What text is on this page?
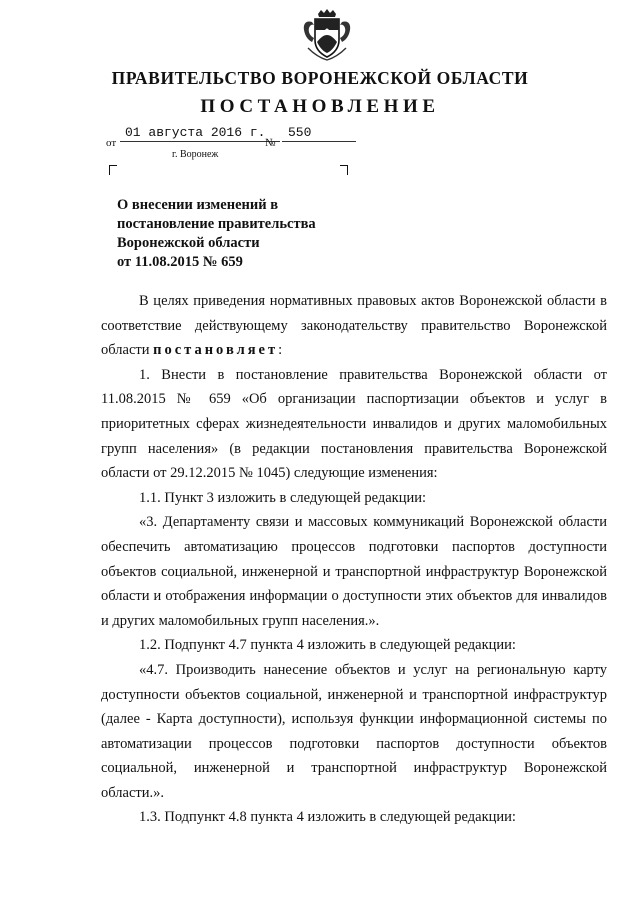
ПРАВИТЕЛЬСТВО ВОРОНЕЖСКОЙ ОБЛАСТИ
ПОСТАНОВЛЕНИЕ
от
01 августа 2016 г.
№
550
г. Воронеж
О внесении изменений в
постановление правительства
Воронежской области
от 11.08.2015 № 659

В целях приведения нормативных правовых актов Воронежской области в соответствие действующему законодательству правительство Воронежской области постановляет:

1. Внести в постановление правительства Воронежской области от 11.08.2015 № 659 «Об организации паспортизации объектов и услуг в приоритетных сферах жизнедеятельности инвалидов и других маломобильных групп населения» (в редакции постановления правительства Воронежской области от 29.12.2015 № 1045) следующие изменения:

1.1. Пункт 3 изложить в следующей редакции:

«3. Департаменту связи и массовых коммуникаций Воронежской области обеспечить автоматизацию процессов подготовки паспортов доступности объектов социальной, инженерной и транспортной инфраструктур Воронежской области и отображения информации о доступности этих объектов для инвалидов и других маломобильных групп населения.».

1.2. Подпункт 4.7 пункта 4 изложить в следующей редакции:

«4.7. Производить нанесение объектов и услуг на региональную карту доступности объектов социальной, инженерной и транспортной инфраструктур (далее - Карта доступности), используя функции информационной системы по автоматизации процессов подготовки паспортов доступности объектов социальной, инженерной и транспортной инфраструктур Воронежской области.».

1.3. Подпункт 4.8 пункта 4 изложить в следующей редакции:
